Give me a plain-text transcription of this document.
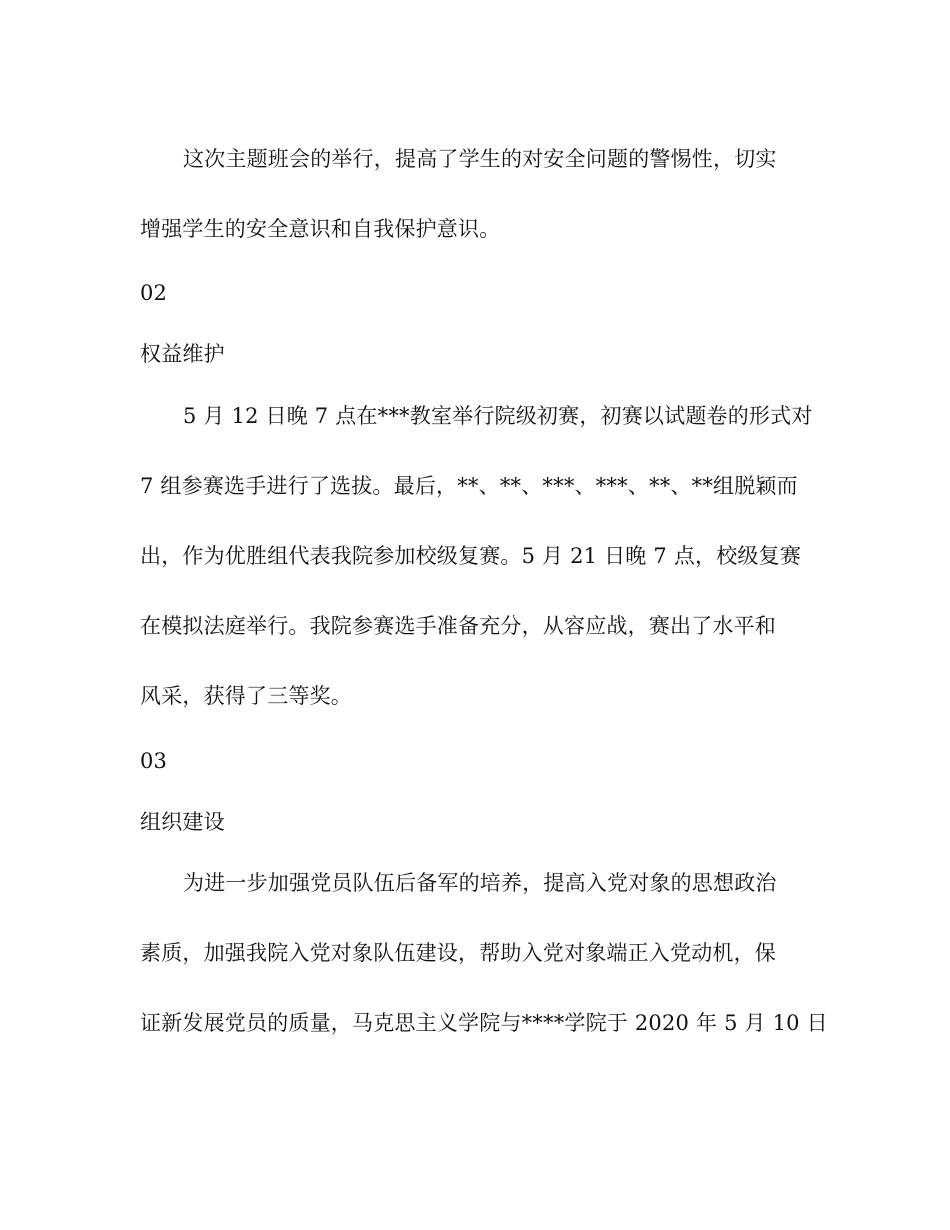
这次主题班会的举行，提高了学生的对安全问题的警惕性，切实
增强学生的安全意识和自我保护意识。
02
权益维护
5 月 12 日晚 7 点在***教室举行院级初赛，初赛以试题卷的形式对
7 组参赛选手进行了选拔。最后，**、**、***、***、**、**组脱颖而
出，作为优胜组代表我院参加校级复赛。5 月 21 日晚 7 点，校级复赛
在模拟法庭举行。我院参赛选手准备充分，从容应战，赛出了水平和
风采，获得了三等奖。
03
组织建设
为进一步加强党员队伍后备军的培养，提高入党对象的思想政治
素质，加强我院入党对象队伍建设，帮助入党对象端正入党动机，保
证新发展党员的质量，马克思主义学院与****学院于 2020 年 5 月 10 日
